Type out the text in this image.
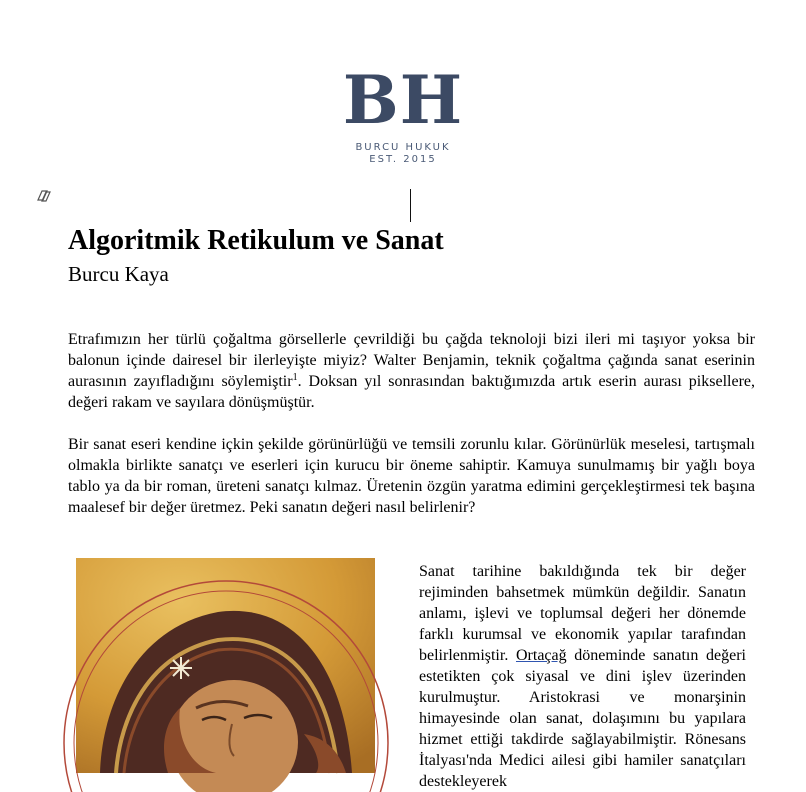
BH
BURCU HUKUK
EST. 2015
Algoritmik Retikulum ve Sanat
Burcu Kaya

Etrafımızın her türlü çoğaltma görsellerle çevrildiği bu çağda teknoloji bizi ileri mi taşıyor yoksa bir balonun içinde dairesel bir ilerleyişte miyiz? Walter Benjamin, teknik çoğaltma çağında sanat eserinin aurasının zayıfladığını söylemiştir$^1$. Doksan yıl sonrasından baktığımızda artık eserin aurası piksellere, değeri rakam ve sayılara dönüşmüştür.

Bir sanat eseri kendine içkin şekilde görünürlüğü ve temsili zorunlu kılar. Görünürlük meselesi, tartışmalı olmakla birlikte sanatçı ve eserleri için kurucu bir öneme sahiptir. Kamuya sunulmamış bir yağlı boya tablo ya da bir roman, üreteni sanatçı kılmaz. Üretenin özgün yaratma edimini gerçekleştirmesi tek başına maalesef bir değer üretmez. Peki sanatın değeri nasıl belirlenir?

Sanat tarihine bakıldığında tek bir değer rejiminden bahsetmek mümkün değildir. Sanatın anlamı, işlevi ve toplumsal değeri her dönemde farklı kurumsal ve ekonomik yapılar tarafından belirlenmiştir. Ortaçağ döneminde sanatın değeri estetikten çok siyasal ve dini işlev üzerinden kurulmuştur. Aristokrasi ve monarşinin himayesinde olan sanat, dolaşımını bu yapılara hizmet ettiği takdirde sağlayabilmiştir. Rönesans İtalyası'nda Medici ailesi gibi hamiler sanatçıları destekleyerek
